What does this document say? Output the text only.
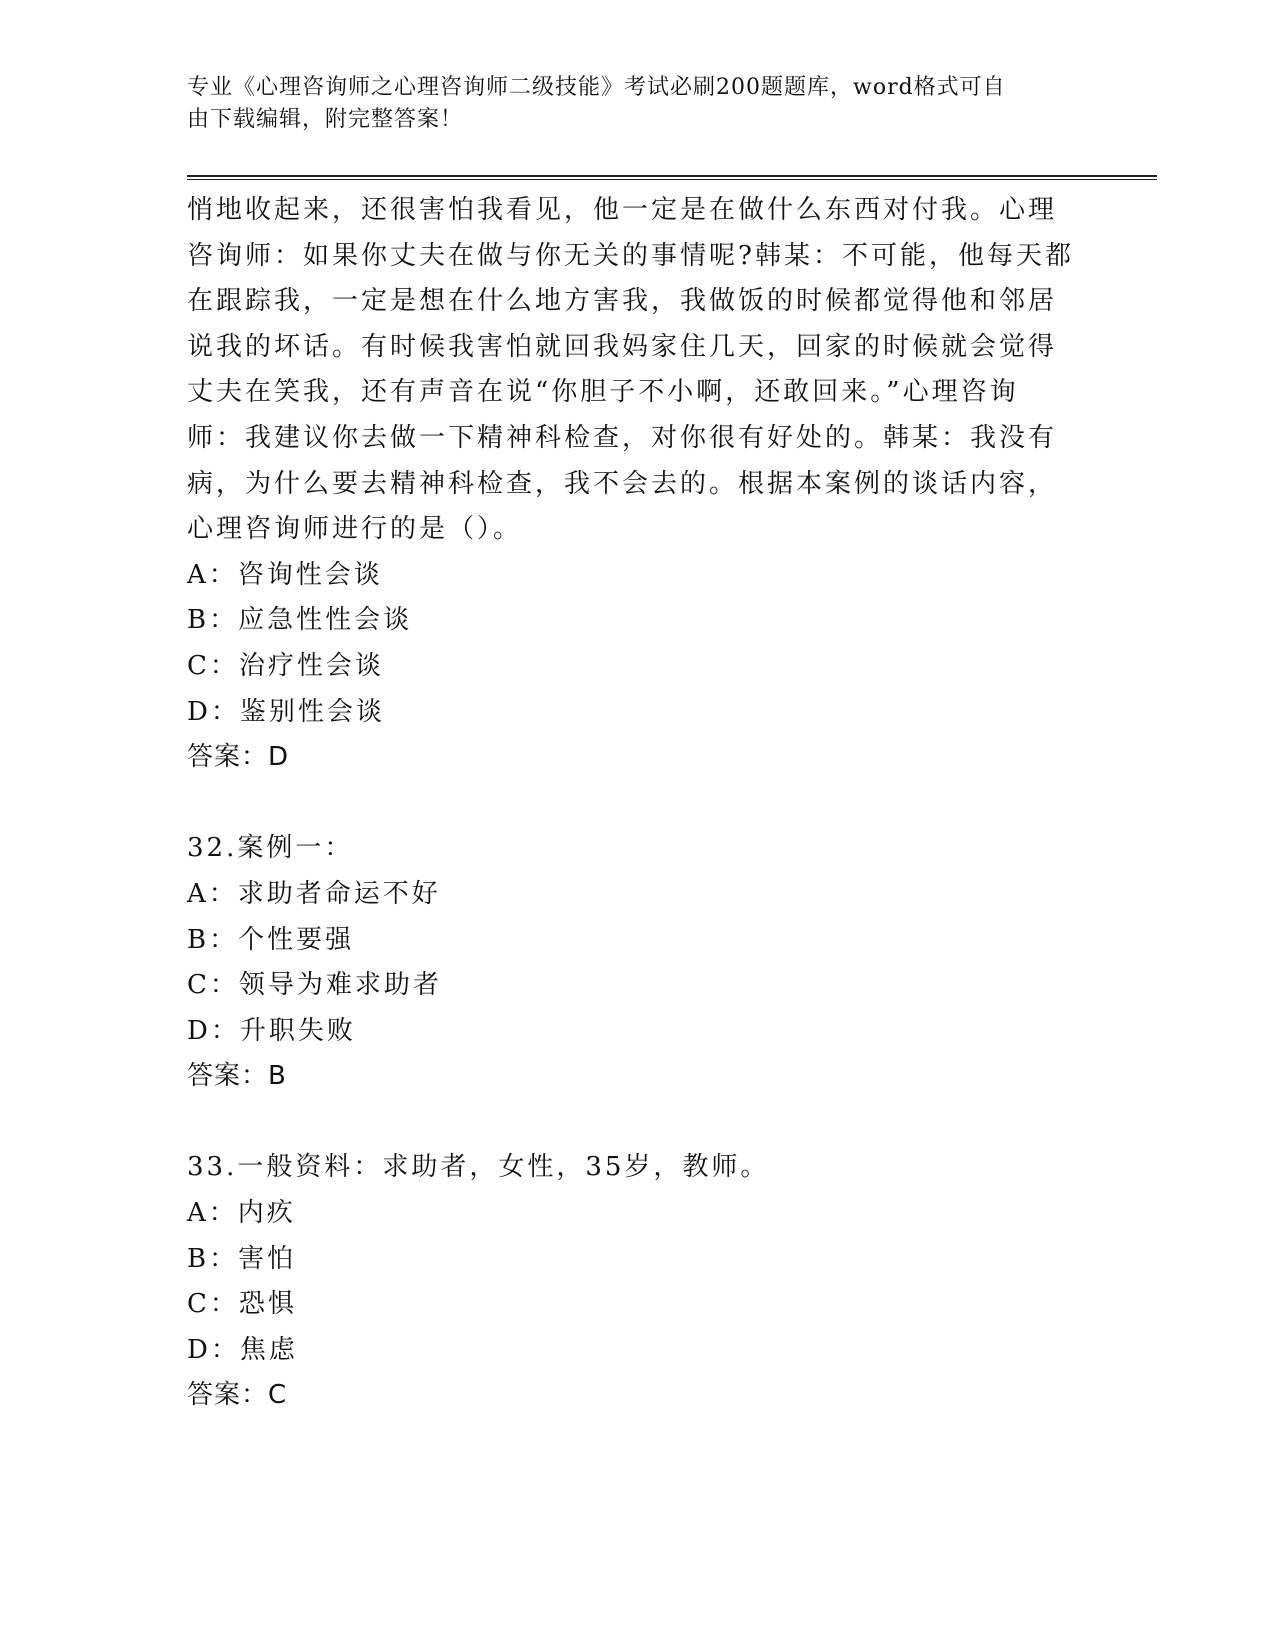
专业《心理咨询师之心理咨询师二级技能》考试必刷200题题库，word格式可自
由下载编辑，附完整答案！

悄地收起来，还很害怕我看见，他一定是在做什么东西对付我。心理

咨询师：如果你丈夫在做与你无关的事情呢?韩某：不可能，他每天都

在跟踪我，一定是想在什么地方害我，我做饭的时候都觉得他和邻居

说我的坏话。有时候我害怕就回我妈家住几天，回家的时候就会觉得

丈夫在笑我，还有声音在说“你胆子不小啊，还敢回来。”心理咨询

师：我建议你去做一下精神科检查，对你很有好处的。韩某：我没有

病，为什么要去精神科检查，我不会去的。根据本案例的谈话内容，

心理咨询师进行的是（）。

A：咨询性会谈

B：应急性性会谈

C：治疗性会谈

D：鉴别性会谈

答案：D

32.案例一：

A：求助者命运不好

B：个性要强

C：领导为难求助者

D：升职失败

答案：B

33.一般资料：求助者，女性，35岁，教师。

A：内疚

B：害怕

C：恐惧

D：焦虑

答案：C
